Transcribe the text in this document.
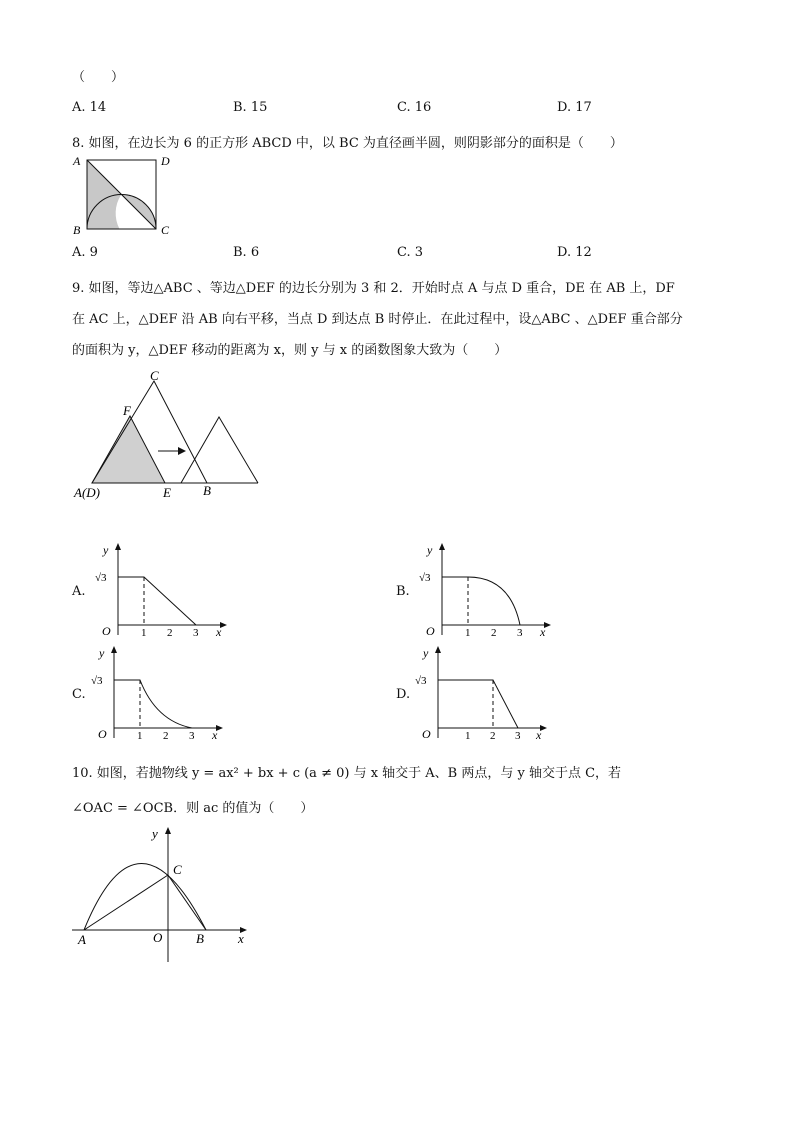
（　　）
A. 14	B. 15	C. 16	D. 17
8. 如图，在边长为 6 的正方形 ABCD 中，以 BC 为直径画半圆，则阴影部分的面积是（　　）
A	D
B	C
A. 9	B. 6	C. 3	D. 12
9. 如图，等边△ABC 、等边△DEF 的边长分别为 3 和 2．开始时点 A 与点 D 重合，DE 在 AB 上，DF
在 AC 上，△DEF 沿 AB 向右平移，当点 D 到达点 B 时停止．在此过程中，设△ABC 、△DEF 重合部分
的面积为 y，△DEF 移动的距离为 x，则 y 与 x 的函数图象大致为（　　）
C
F
A(D)	E B
A.
y
O	x
√3
1 2 3
B.
y
O	x
√3
1 2 3
C.
y
O	x
√3
1 2 3
D.
y
O	x
√3
1 2 3
10. 如图，若抛物线 y = ax² + bx + c (a ≠ 0) 与 x 轴交于 A、B 两点，与 y 轴交于点 C，若
∠OAC = ∠OCB．则 ac 的值为（　　）
y
C
A	O	B	x
